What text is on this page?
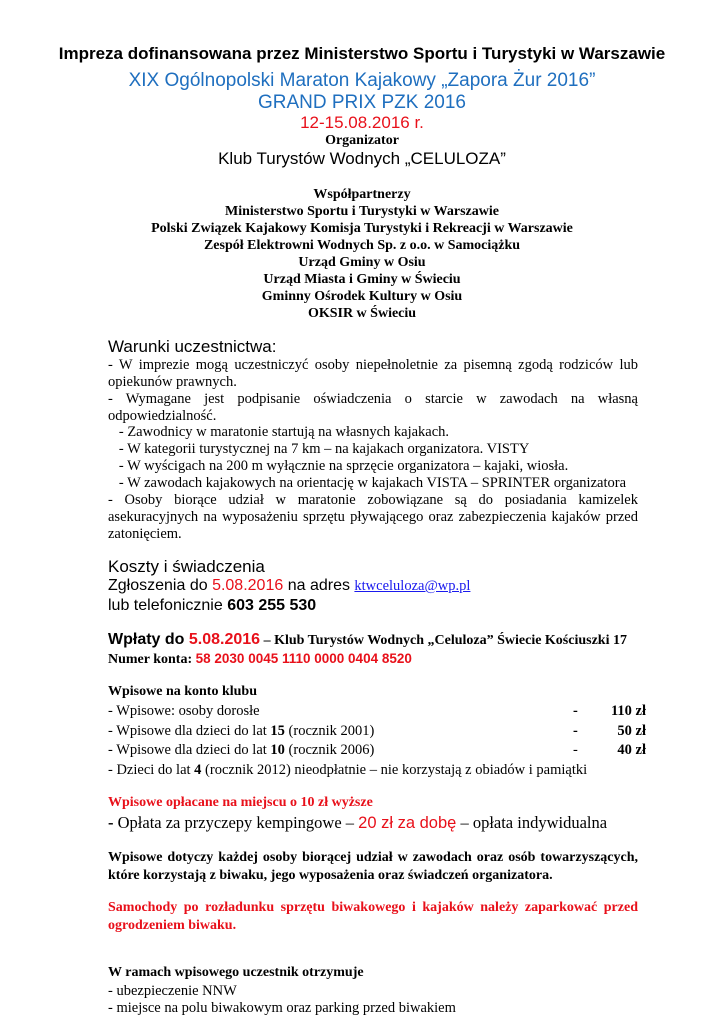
Impreza dofinansowana przez Ministerstwo Sportu i Turystyki w Warszawie
XIX Ogólnopolski Maraton Kajakowy „Zapora Żur 2016”
GRAND PRIX PZK 2016
12-15.08.2016 r.
Organizator
Klub Turystów Wodnych „CELULOZA”
Współpartnerzy
Ministerstwo Sportu i Turystyki w Warszawie
Polski Związek Kajakowy Komisja Turystyki i Rekreacji w Warszawie
Zespół Elektrowni Wodnych Sp. z o.o. w Samociążku
Urząd Gminy w Osiu
Urząd Miasta i Gminy w Świeciu
Gminny Ośrodek Kultury w Osiu
OKSIR w Świeciu
Warunki uczestnictwa:
- W imprezie mogą uczestniczyć osoby niepełnoletnie za pisemną zgodą rodziców lub opiekunów prawnych.
- Wymagane jest podpisanie oświadczenia o starcie w zawodach na własną odpowiedzialność.
- Zawodnicy w maratonie startują na własnych kajakach.
- W kategorii turystycznej na 7 km – na kajakach organizatora. VISTY
- W wyścigach na 200 m wyłącznie na sprzęcie organizatora – kajaki, wiosła.
- W zawodach kajakowych na orientację w kajakach VISTA – SPRINTER organizatora
- Osoby biorące udział w maratonie zobowiązane są do posiadania kamizelek asekuracyjnych na wyposażeniu sprzętu pływającego oraz zabezpieczenia kajaków przed zatonięciem.
Koszty i świadczenia
Zgłoszenia do 5.08.2016 na adres ktwceluloza@wp.pl
lub telefonicznie 603 255 530
Wpłaty do 5.08.2016 – Klub Turystów Wodnych „Celuloza” Świecie Kościuszki 17
Numer konta: 58 2030 0045 1110 0000 0404 8520
Wpisowe na konto klubu
- Wpisowe: osoby dorosłe	-	110 zł
- Wpisowe dla dzieci do lat 15 (rocznik 2001)	-	50 zł
- Wpisowe dla dzieci do lat 10 (rocznik 2006)	-	40 zł
- Dzieci do lat 4 (rocznik 2012) nieodpłatnie – nie korzystają z obiadów i pamiątki
Wpisowe opłacane na miejscu o 10 zł wyższe
- Opłata za przyczepy kempingowe – 20 zł za dobę – opłata indywidualna
Wpisowe dotyczy każdej osoby biorącej udział w zawodach oraz osób towarzyszących, które korzystają z biwaku, jego wyposażenia oraz świadczeń organizatora.
Samochody po rozładunku sprzętu biwakowego i kajaków należy zaparkować przed ogrodzeniem biwaku.
W ramach wpisowego uczestnik otrzymuje
- ubezpieczenie NNW
- miejsce na polu biwakowym oraz parking przed biwakiem
